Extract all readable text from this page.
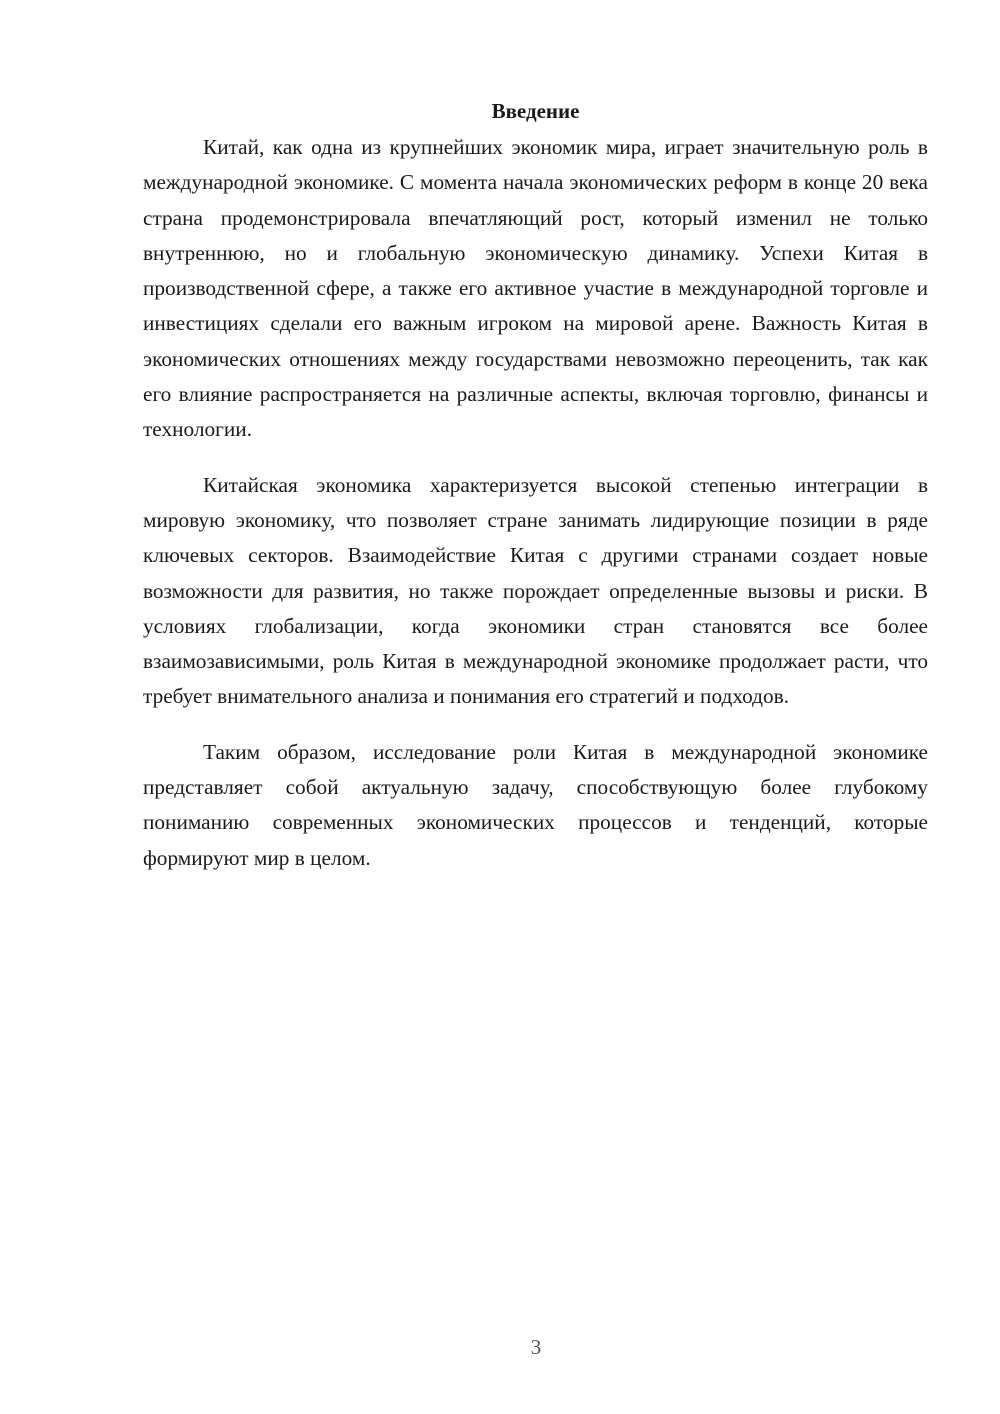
Введение

Китай, как одна из крупнейших экономик мира, играет значительную роль в международной экономике. С момента начала экономических реформ в конце 20 века страна продемонстрировала впечатляющий рост, который изменил не только внутреннюю, но и глобальную экономическую динамику. Успехи Китая в производственной сфере, а также его активное участие в международной торговле и инвестициях сделали его важным игроком на мировой арене. Важность Китая в экономических отношениях между государствами невозможно переоценить, так как его влияние распространяется на различные аспекты, включая торговлю, финансы и технологии.

Китайская экономика характеризуется высокой степенью интеграции в мировую экономику, что позволяет стране занимать лидирующие позиции в ряде ключевых секторов. Взаимодействие Китая с другими странами создает новые возможности для развития, но также порождает определенные вызовы и риски. В условиях глобализации, когда экономики стран становятся все более взаимозависимыми, роль Китая в международной экономике продолжает расти, что требует внимательного анализа и понимания его стратегий и подходов.

Таким образом, исследование роли Китая в международной экономике представляет собой актуальную задачу, способствующую более глубокому пониманию современных экономических процессов и тенденций, которые формируют мир в целом.

3
